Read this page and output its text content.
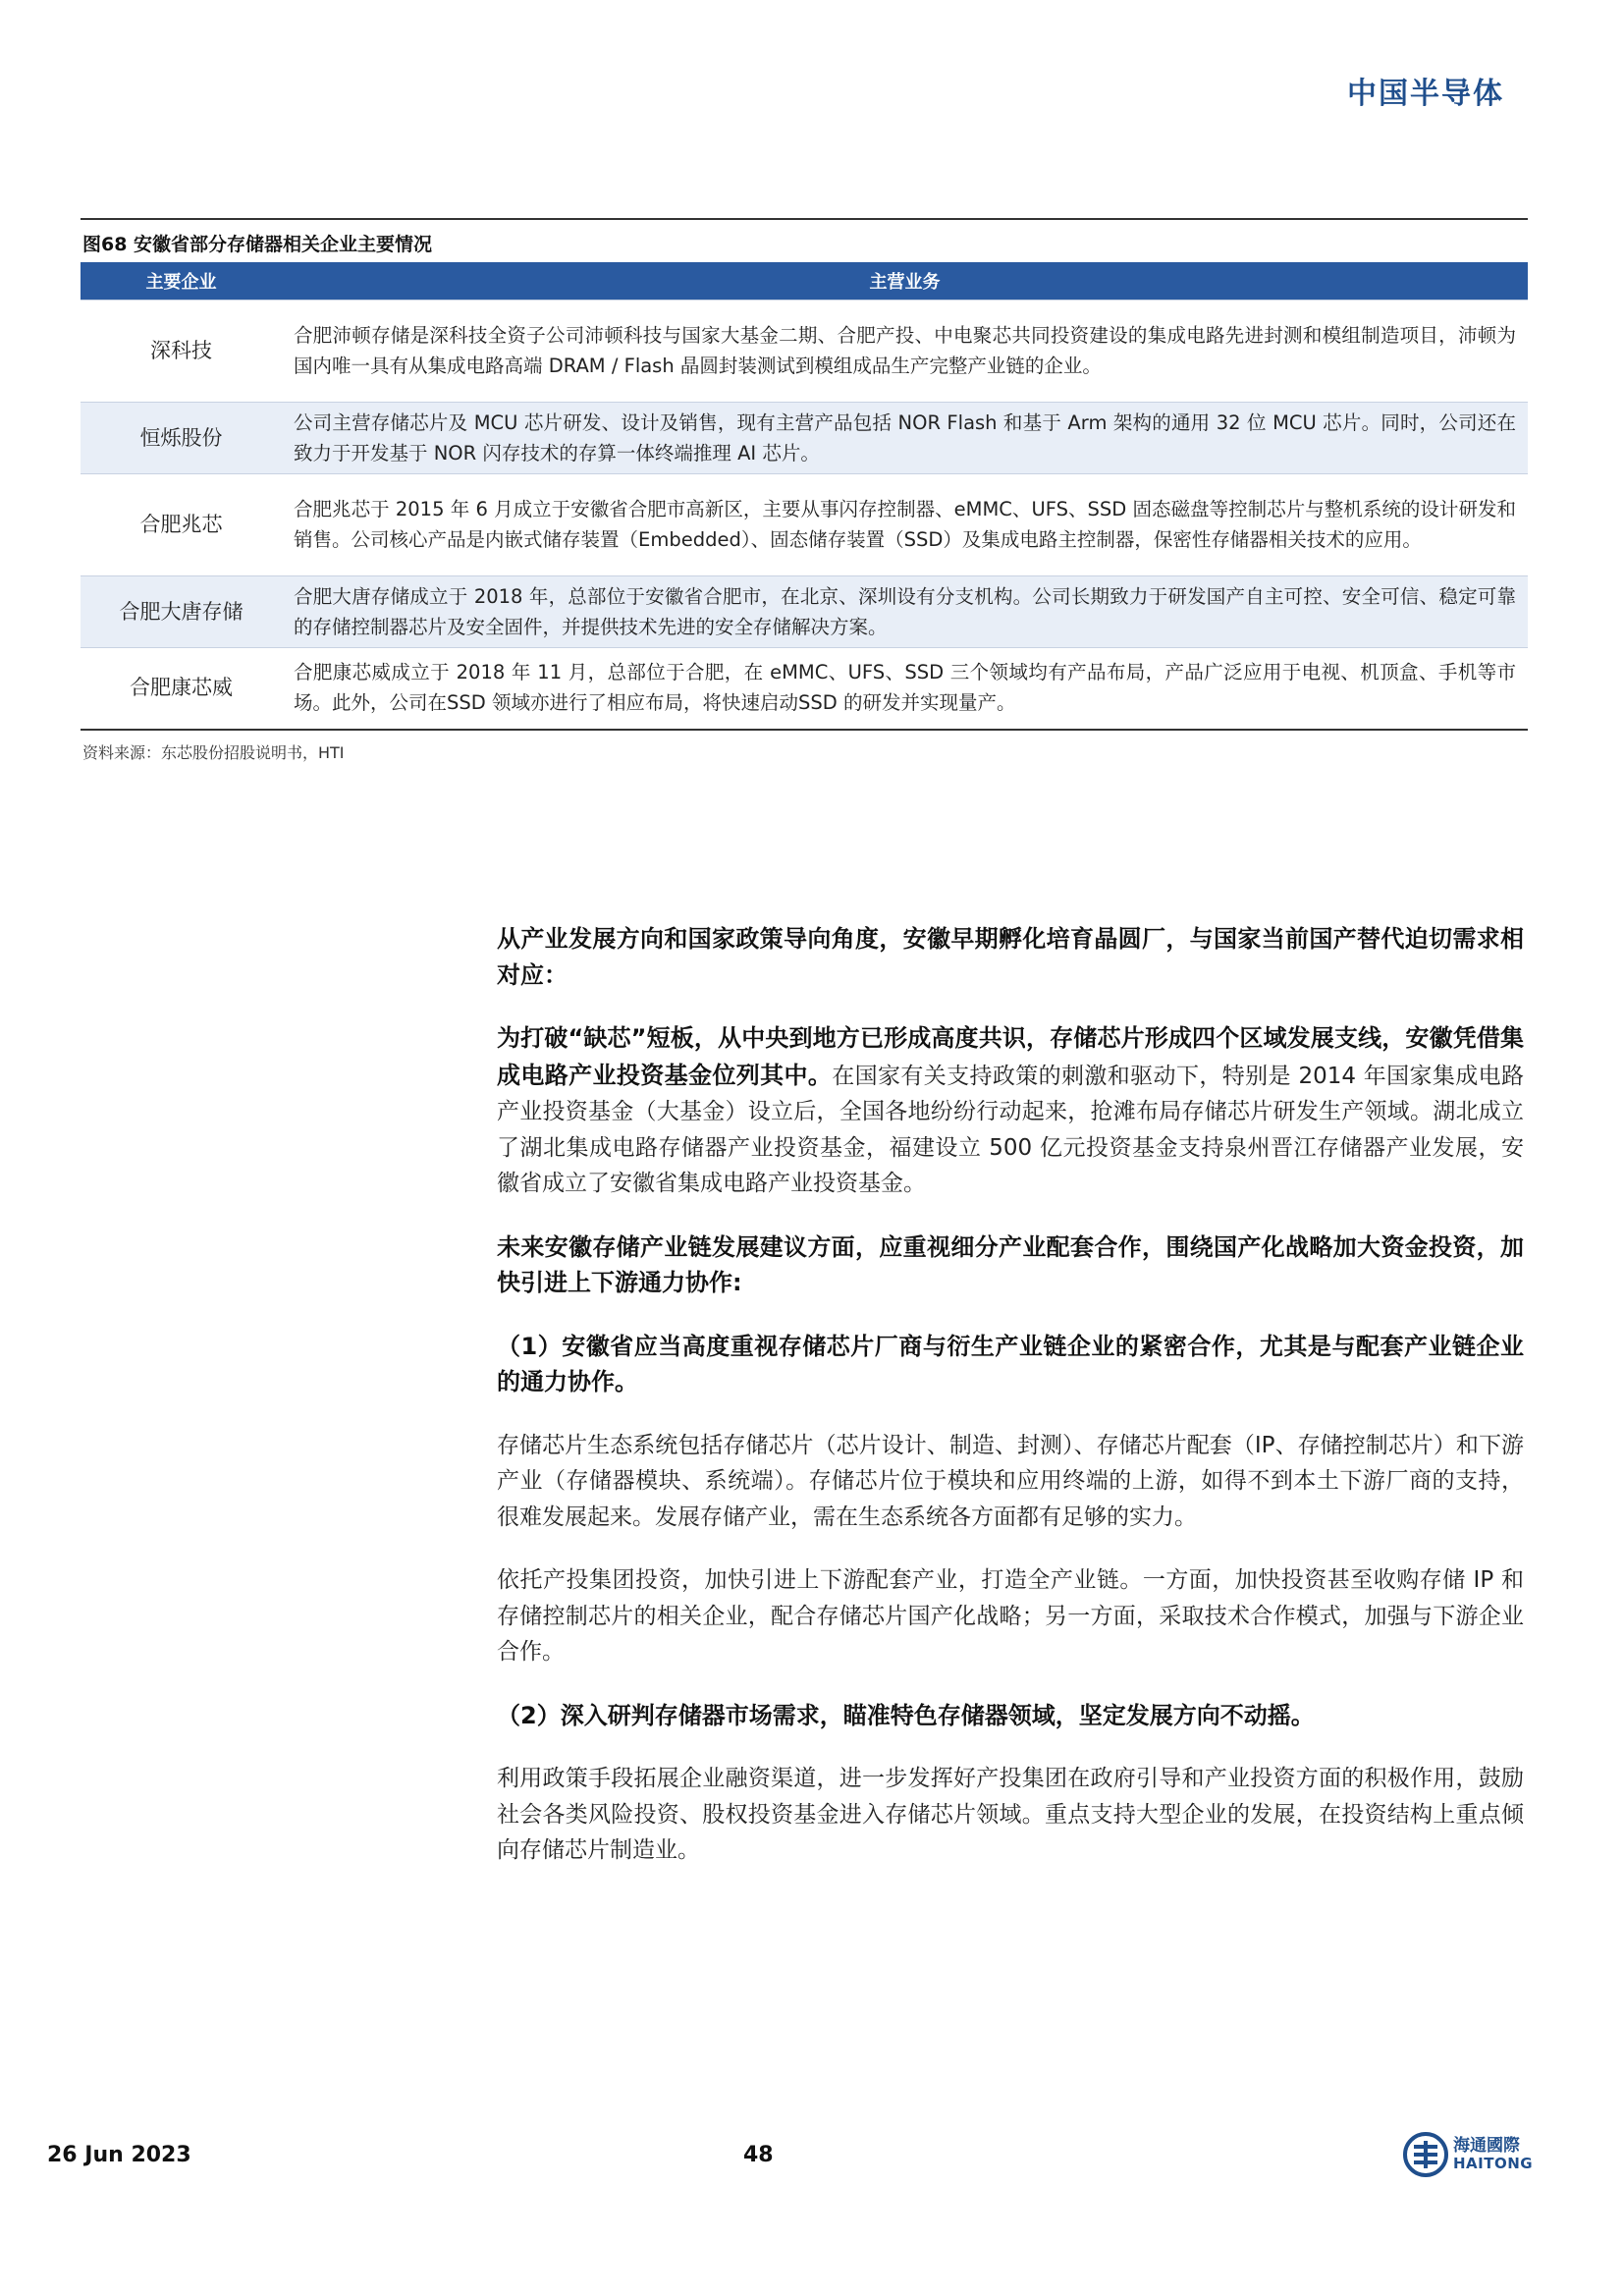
中国半导体
图68 安徽省部分存储器相关企业主要情况
主要企业	主营业务
深科技	合肥沛顿存储是深科技全资子公司沛顿科技与国家大基金二期、合肥产投、中电聚芯共同投资建设的集成电路先进封测和模组制造项目，沛顿为国内唯一具有从集成电路高端 DRAM / Flash 晶圆封装测试到模组成品生产完整产业链的企业。
恒烁股份	公司主营存储芯片及 MCU 芯片研发、设计及销售，现有主营产品包括 NOR Flash 和基于 Arm 架构的通用 32 位 MCU 芯片。同时，公司还在致力于开发基于 NOR 闪存技术的存算一体终端推理 AI 芯片。
合肥兆芯	合肥兆芯于 2015 年 6 月成立于安徽省合肥市高新区，主要从事闪存控制器、eMMC、UFS、SSD 固态磁盘等控制芯片与整机系统的设计研发和销售。公司核心产品是内嵌式储存装置（Embedded）、固态储存装置（SSD）及集成电路主控制器，保密性存储器相关技术的应用。
合肥大唐存储	合肥大唐存储成立于 2018 年，总部位于安徽省合肥市，在北京、深圳设有分支机构。公司长期致力于研发国产自主可控、安全可信、稳定可靠的存储控制器芯片及安全固件，并提供技术先进的安全存储解决方案。
合肥康芯威	合肥康芯威成立于 2018 年 11 月，总部位于合肥，在 eMMC、UFS、SSD 三个领域均有产品布局，产品广泛应用于电视、机顶盒、手机等市场。此外，公司在SSD 领域亦进行了相应布局，将快速启动SSD 的研发并实现量产。
资料来源：东芯股份招股说明书，HTI

从产业发展方向和国家政策导向角度，安徽早期孵化培育晶圆厂，与国家当前国产替代迫切需求相对应：

为打破“缺芯”短板，从中央到地方已形成高度共识，存储芯片形成四个区域发展支线，安徽凭借集成电路产业投资基金位列其中。在国家有关支持政策的刺激和驱动下，特别是 2014 年国家集成电路产业投资基金（大基金）设立后，全国各地纷纷行动起来，抢滩布局存储芯片研发生产领域。湖北成立了湖北集成电路存储器产业投资基金，福建设立 500 亿元投资基金支持泉州晋江存储器产业发展，安徽省成立了安徽省集成电路产业投资基金。

未来安徽存储产业链发展建议方面，应重视细分产业配套合作，围绕国产化战略加大资金投资，加快引进上下游通力协作:

（1）安徽省应当高度重视存储芯片厂商与衍生产业链企业的紧密合作，尤其是与配套产业链企业的通力协作。

存储芯片生态系统包括存储芯片（芯片设计、制造、封测）、存储芯片配套（IP、存储控制芯片）和下游产业（存储器模块、系统端）。存储芯片位于模块和应用终端的上游，如得不到本土下游厂商的支持，很难发展起来。发展存储产业，需在生态系统各方面都有足够的实力。

依托产投集团投资，加快引进上下游配套产业，打造全产业链。一方面，加快投资甚至收购存储 IP 和存储控制芯片的相关企业，配合存储芯片国产化战略；另一方面，采取技术合作模式，加强与下游企业合作。

（2）深入研判存储器市场需求，瞄准特色存储器领域，坚定发展方向不动摇。

利用政策手段拓展企业融资渠道，进一步发挥好产投集团在政府引导和产业投资方面的积极作用，鼓励社会各类风险投资、股权投资基金进入存储芯片领域。重点支持大型企业的发展，在投资结构上重点倾向存储芯片制造业。

26 Jun 2023	48	海通國際
HAITONG
